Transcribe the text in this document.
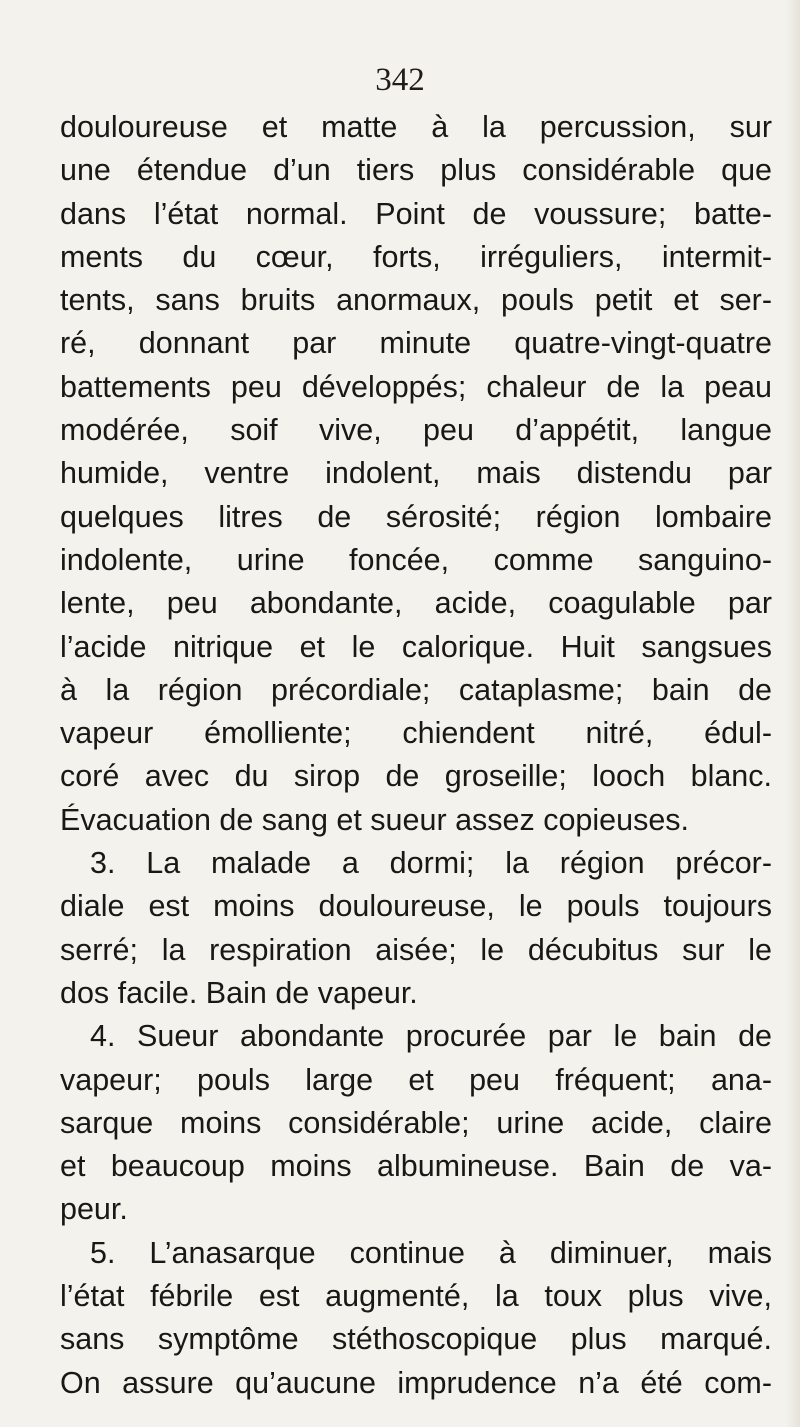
342
douloureuse et matte à la percussion, sur
une étendue d’un tiers plus considérable que
dans l’état normal. Point de voussure; batte-
ments du cœur, forts, irréguliers, intermit-
tents, sans bruits anormaux, pouls petit et ser-
ré, donnant par minute quatre-vingt-quatre
battements peu développés; chaleur de la peau
modérée, soif vive, peu d’appétit, langue
humide, ventre indolent, mais distendu par
quelques litres de sérosité; région lombaire
indolente, urine foncée, comme sanguino-
lente, peu abondante, acide, coagulable par
l’acide nitrique et le calorique. Huit sangsues
à la région précordiale; cataplasme; bain de
vapeur émolliente; chiendent nitré, édul-
coré avec du sirop de groseille; looch blanc.
Évacuation de sang et sueur assez copieuses.
3. La malade a dormi; la région précor-
diale est moins douloureuse, le pouls toujours
serré; la respiration aisée; le décubitus sur le
dos facile. Bain de vapeur.
4. Sueur abondante procurée par le bain de
vapeur; pouls large et peu fréquent; ana-
sarque moins considérable; urine acide, claire
et beaucoup moins albumineuse. Bain de va-
peur.
5. L’anasarque continue à diminuer, mais
l’état fébrile est augmenté, la toux plus vive,
sans symptôme stéthoscopique plus marqué.
On assure qu’aucune imprudence n’a été com-
